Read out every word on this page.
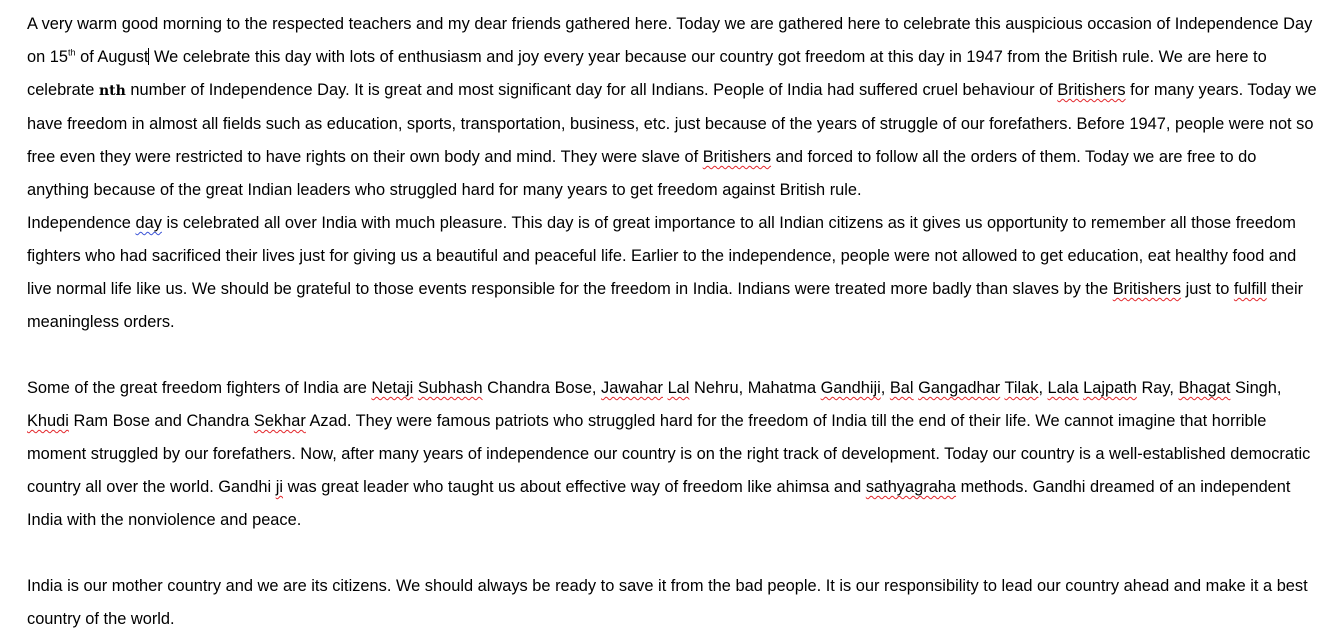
A very warm good morning to the respected teachers and my dear friends gathered here. Today we are gathered here to celebrate this auspicious occasion of Independence Day on 15th of August We celebrate this day with lots of enthusiasm and joy every year because our country got freedom at this day in 1947 from the British rule. We are here to celebrate nth number of Independence Day. It is great and most significant day for all Indians. People of India had suffered cruel behaviour of Britishers for many years. Today we have freedom in almost all fields such as education, sports, transportation, business, etc. just because of the years of struggle of our forefathers. Before 1947, people were not so free even they were restricted to have rights on their own body and mind. They were slave of Britishers and forced to follow all the orders of them. Today we are free to do anything because of the great Indian leaders who struggled hard for many years to get freedom against British rule.

Independence day is celebrated all over India with much pleasure. This day is of great importance to all Indian citizens as it gives us opportunity to remember all those freedom fighters who had sacrificed their lives just for giving us a beautiful and peaceful life. Earlier to the independence, people were not allowed to get education, eat healthy food and live normal life like us. We should be grateful to those events responsible for the freedom in India. Indians were treated more badly than slaves by the Britishers just to fulfill their meaningless orders.

Some of the great freedom fighters of India are Netaji Subhash Chandra Bose, Jawahar Lal Nehru, Mahatma Gandhiji, Bal Gangadhar Tilak, Lala Lajpath Ray, Bhagat Singh, Khudi Ram Bose and Chandra Sekhar Azad. They were famous patriots who struggled hard for the freedom of India till the end of their life. We cannot imagine that horrible moment struggled by our forefathers. Now, after many years of independence our country is on the right track of development. Today our country is a well-established democratic country all over the world. Gandhi ji was great leader who taught us about effective way of freedom like ahimsa and sathyagraha methods. Gandhi dreamed of an independent India with the nonviolence and peace.

India is our mother country and we are its citizens. We should always be ready to save it from the bad people. It is our responsibility to lead our country ahead and make it a best country of the world.
